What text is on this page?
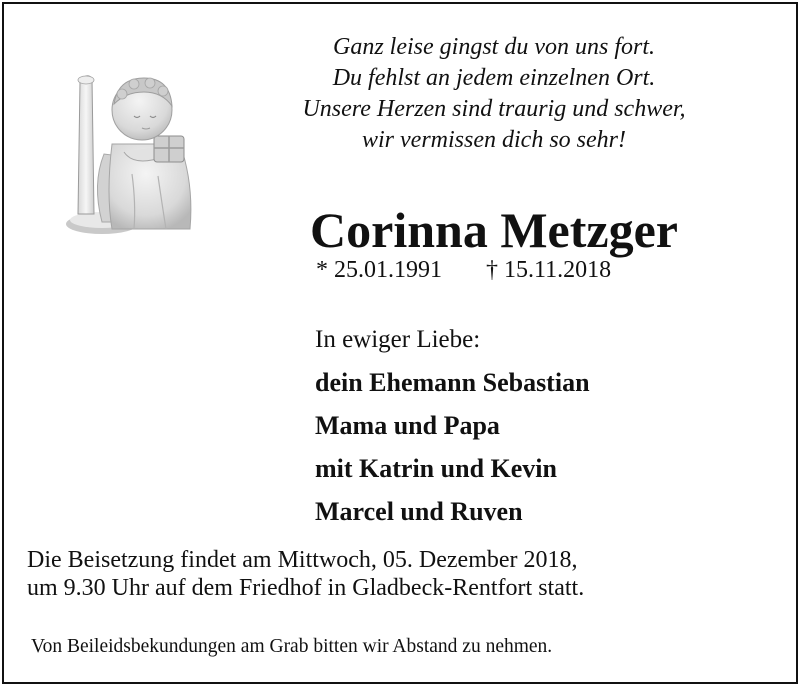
Ganz leise gingst du von uns fort.
Du fehlst an jedem einzelnen Ort.
Unsere Herzen sind traurig und schwer,
wir vermissen dich so sehr!
Corinna Metzger
* 25.01.1991 † 15.11.2018
In ewiger Liebe:
dein Ehemann Sebastian
Mama und Papa
mit Katrin und Kevin
Marcel und Ruven
Die Beisetzung findet am Mittwoch, 05. Dezember 2018,
um 9.30 Uhr auf dem Friedhof in Gladbeck-Rentfort statt.
Von Beileidsbekundungen am Grab bitten wir Abstand zu nehmen.
